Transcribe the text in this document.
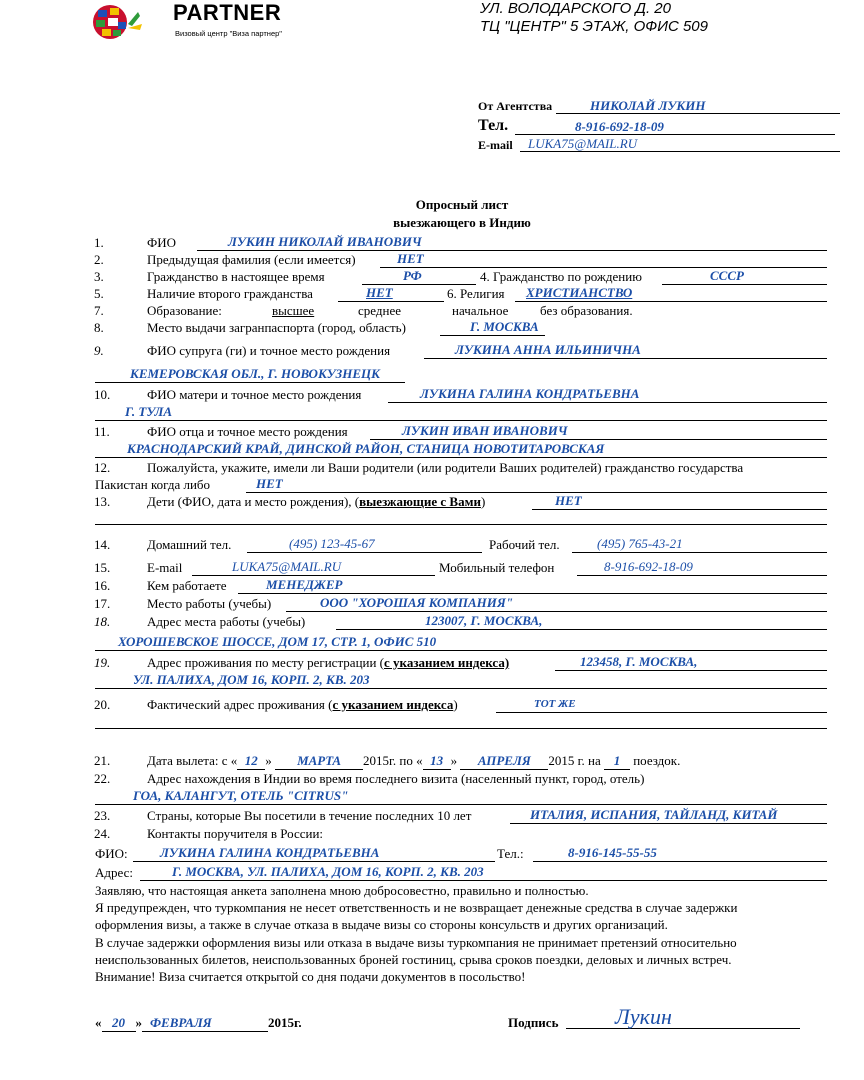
PARTNER
Визовый центр "Виза партнер"
УЛ. ВОЛОДАРСКОГО Д. 20
ТЦ "ЦЕНТР" 5 ЭТАЖ, ОФИС 509
От Агентства	НИКОЛАЙ ЛУКИН
Тел.	8-916-692-18-09
E-mail LUKA75@MAIL.RU
Опросный лист
выезжающего в Индию
1.	ФИО	ЛУКИН НИКОЛАЙ ИВАНОВИЧ
2.	Предыдущая фамилия (если имеется)	НЕТ
3.	Гражданство в настоящее время	РФ	4. Гражданство по рождению	СССР
5.	Наличие второго гражданства	НЕТ	6. Религия ХРИСТИАНСТВО
7.	Образование:	высшее	среднее	начальное без образования.
8.	Место выдачи загранпаспорта (город, область)	Г. МОСКВА
9.	ФИО супруга (ги) и точное место рождения	ЛУКИНА АННА ИЛЬИНИЧНА
КЕМЕРОВСКАЯ ОБЛ., Г. НОВОКУЗНЕЦК
10.	ФИО матери и точное место рождения	ЛУКИНА ГАЛИНА КОНДРАТЬЕВНА
Г. ТУЛА
11.	ФИО отца и точное место рождения	ЛУКИН ИВАН ИВАНОВИЧ
КРАСНОДАРСКИЙ КРАЙ, ДИНСКОЙ РАЙОН, СТАНИЦА НОВОТИТАРОВСКАЯ
12.	Пожалуйста, укажите, имели ли Ваши родители (или родители Ваших родителей) гражданство государства
Пакистан когда либо	НЕТ
13.	Дети (ФИО, дата и место рождения), (выезжающие с Вами)	НЕТ
14.	Домашний тел.	(495) 123-45-67	Рабочий тел.	(495) 765-43-21
15.	E-mail	LUKA75@MAIL.RU	Мобильный телефон	8-916-692-18-09
16.	Кем работаете	МЕНЕДЖЕР
17.	Место работы (учебы)	ООО "ХОРОШАЯ КОМПАНИЯ"
18.	Адрес места работы (учебы)	123007, Г. МОСКВА,
ХОРОШЕВСКОЕ ШОССЕ, ДОМ 17, СТР. 1, ОФИС 510
19.	Адрес проживания по месту регистрации (с указанием индекса)	123458, Г. МОСКВА,
УЛ. ПАЛИХА, ДОМ 16, КОРП. 2, КВ. 203
20.	Фактический адрес проживания (с указанием индекса)	ТОТ ЖЕ
21.	Дата вылета: с « 12 » МАРТА 2015г. по « 13 » АПРЕЛЯ 2015 г. на 1 поездок.
22.	Адрес нахождения в Индии во время последнего визита (населенный пункт, город, отель)
ГОА, КАЛАНГУТ, ОТЕЛЬ "CITRUS"
23.	Страны, которые Вы посетили в течение последних 10 лет	ИТАЛИЯ, ИСПАНИЯ, ТАЙЛАНД, КИТАЙ
24.	Контакты поручителя в России:
ФИО: ЛУКИНА ГАЛИНА КОНДРАТЬЕВНА	Тел.:	8-916-145-55-55
Адрес:	Г. МОСКВА, УЛ. ПАЛИХА, ДОМ 16, КОРП. 2, КВ. 203
Заявляю, что настоящая анкета заполнена мною добросовестно, правильно и полностью.
Я предупрежден, что туркомпания не несет ответственность и не возвращает денежные средства в случае задержки
оформления визы, а также в случае отказа в выдаче визы со стороны консульств и других организаций.
В случае задержки оформления визы или отказа в выдаче визы туркомпания не принимает претензий относительно
неиспользованных билетов, неиспользованных броней гостиниц, срыва сроков поездки, деловых и личных встреч.
Внимание! Виза считается открытой со дня подачи документов в посольство!
« 20 » ФЕВРАЛЯ	2015г.	Подпись	Лукин
